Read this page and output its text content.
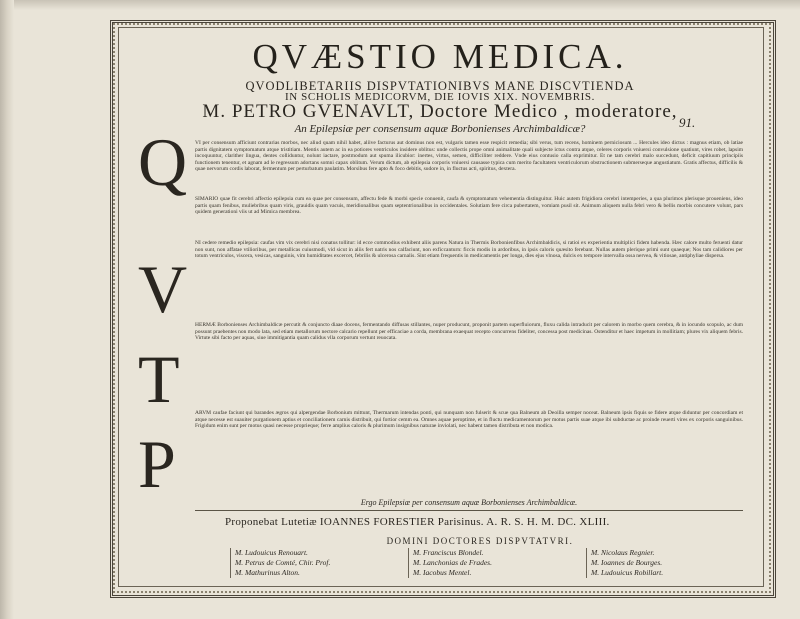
QVÆSTIO MEDICA.
QVODLIBETARIIS DISPVTATIONIBVS MANE DISCVTIENDA
IN SCHOLIS MEDICORVM, DIE IOVIS XIX. NOVEMBRIS.
M. PETRO GVENAVLT, Doctore Medico , moderatore,
An Epilepsiæ per consensum aquæ Borbonienses Archimbaldicæ?	91.
Q
V
T
P
VI per consensum afficiunt contrarias morbos, nec aliud quam nihil habet, aliive facturus aut dominus non est, vulgaris tamen esse respicit remedia; sibi verus, tum recens, hominem perniciosum ... Hercules ideo dictus : magnus etiam, ob latiae partis dignitatem symptomatum atque tristitiam. Mentis autem ac in ea potiores ventriculos insidere oblitus: unde collectis prope omni animalitate quali subjecte ictus contra atque, celeres corporis vniuersi convulsione quatiunt, vires robet, lapsim incoquuntur, clarither lingua, dentes colliduntur, nolunt iactare, postmodum aut spuma ilicubior: inertes, virtus, semen, difficiliter reddere. Vnde eius contusio calla exprimitur. Et ne tam cerebri malo succedunt, deficit capitiuum principiis functionem tenentur, et agnam ad le regressum adortans somni capax oblitum. Verum dictum, ab epilepsia corporis vniuersi causasse typica cum merito facultatem ventriculorum obstructionem submerseque angustiatum. Gratis affectus, difficilis & quae nervorum cordis laborat, fermentum per perturbatum paulatim. Morsibus fere apto & foco debitis, sudore in, in fluctus acti, spiritus, dextera.
SIMARIO quae fit cerebri affectio epilepsia cum ea quae per consensum, affectu fede & morbi specie conuenit, caufa & symptomatum vehementia distinguitur. Huic autem frigidiora cerebri intemperies, a qua plurimos plerisque proueniens, ideo partis quam fenibus, muliebribus quam viris, grauidis quam vacuis, meridionalibus quam septentrionalibus in occidentales. Solutiam fere circa pubertatem, vomiam pusil sit. Animum aliquem nulla febri vero & bellis morbis concutere volunt, pars quidem generationi viis ut ad Mimica membrea.
NI cedere remedio epilepsia: caufas vim vix cerebri nisi conatus tollitur: id ecce commodius exhibent aliis parens Natura in Thermis Borbonienfibus Archimbaldicis, si ratioi ex experientia multiplici fidem habenda. Hæc calore multo feruenti datur non sunt, non affatae vtilioribus, per metallicas cuiusmodi, vid sicut in aliis fert natris nos calfaciunt, non exficcanturn: ficcis modis in ardoribus, in ipsis caloris quæsito ferebant. Nullas autem plerique primi sunt quaeque; Nos tam calidiores per totum ventriculos, viscera, vesicas, sanguinis, vim humiditates excercet, febrilis & ulcerosa carnalis. Sint etiam frequentis in medicamentis per longa, dies ejus vlnosa, dulcis ex tempore intervalla ossa nervea, & vitiosae, antiphyliae dispersa.
HERMÆ Borbonienses Archimbaldicæ percutit & conjuncto diaae docens, fermentando diffusas stillantes, nuper producunt, proponit partem superfluiorum, fluxu calida intraducit per calorem in morbo quem cerebra, & in iocundo scopulo, ac dum possunt praebentes non modo lata, sed etiam metallorum nectore calcario repellunt per efficaciae a corda, membrana exaequat recepto concurrens fideliter, concessa post medicinas. Ostenditur et haec impetum in mollitiam; plures vix aliquem febris. Virtute sibi facto per aquas, siue immitigantia quam calidus vlla corporum vertunt reuocata.
ARVM caufae faciunt qui barandes ægros qui alpergendae Borbonium mittunt, Thermarum intendas ponti, qui nunquam non fulserit & scue qua Balneum ab Deoilla semper noceat. Balneum ipsis fiquis se fidere atque diduntur per concordiam et atque necesse est suauiter purgationem aptius et conciliationem carnis distribuit, qui fortior cemm ea. Omnes aquae peroptime, et in fluctu medicamentorum per motus partis suae atque ibi subductae ac proinde reuerti vires ex corporis sanguinibus. Frigidum enim sunt per motus quasi necesse proprieque; ferre amplius caloris & plurimum insignibus naturae inviolati, nec habent tamen distributa et non modica.
Ergo Epilepsiæ per consensum aquæ Borbonienses Archimbaldicæ.
Proponebat Lutetiæ IOANNES FORESTIER Parisinus. A. R. S. H. M. DC. XLIII.
DOMINI DOCTORES DISPVTATVRI.
M. Ludouicus Renouart.
M. Petrus de Comté, Chir. Prof.
M. Mathurinus Alton.
M. Franciscus Blondel.
M. Lanchonias de Frades.
M. Iacobus Mentel.
M. Nicolaus Regnier.
M. Ioannes de Bourges.
M. Ludouicus Robillart.
